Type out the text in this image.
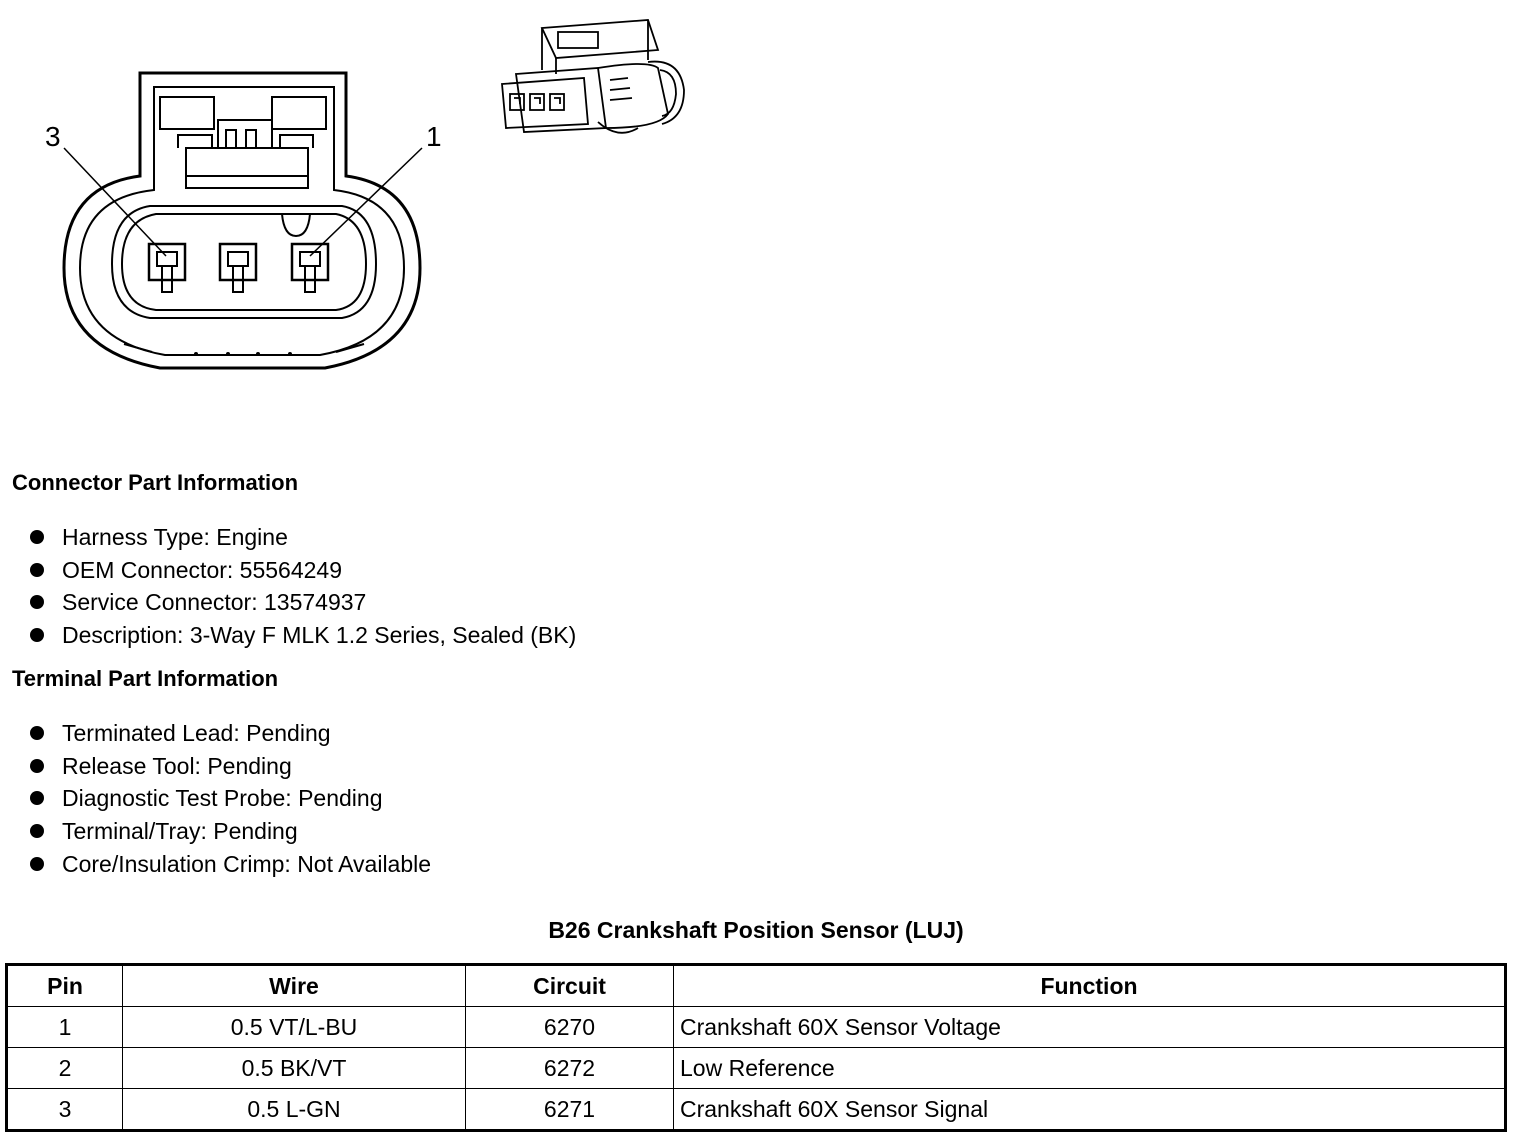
3	1
Connector Part Information
Harness Type: Engine
OEM Connector: 55564249
Service Connector: 13574937
Description: 3-Way F MLK 1.2 Series, Sealed (BK)
Terminal Part Information
Terminated Lead: Pending
Release Tool: Pending
Diagnostic Test Probe: Pending
Terminal/Tray: Pending
Core/Insulation Crimp: Not Available
B26 Crankshaft Position Sensor (LUJ)
Pin	Wire	Circuit	Function
1	0.5 VT/L-BU	6270	Crankshaft 60X Sensor Voltage
2	0.5 BK/VT	6272	Low Reference
3	0.5 L-GN	6271	Crankshaft 60X Sensor Signal
